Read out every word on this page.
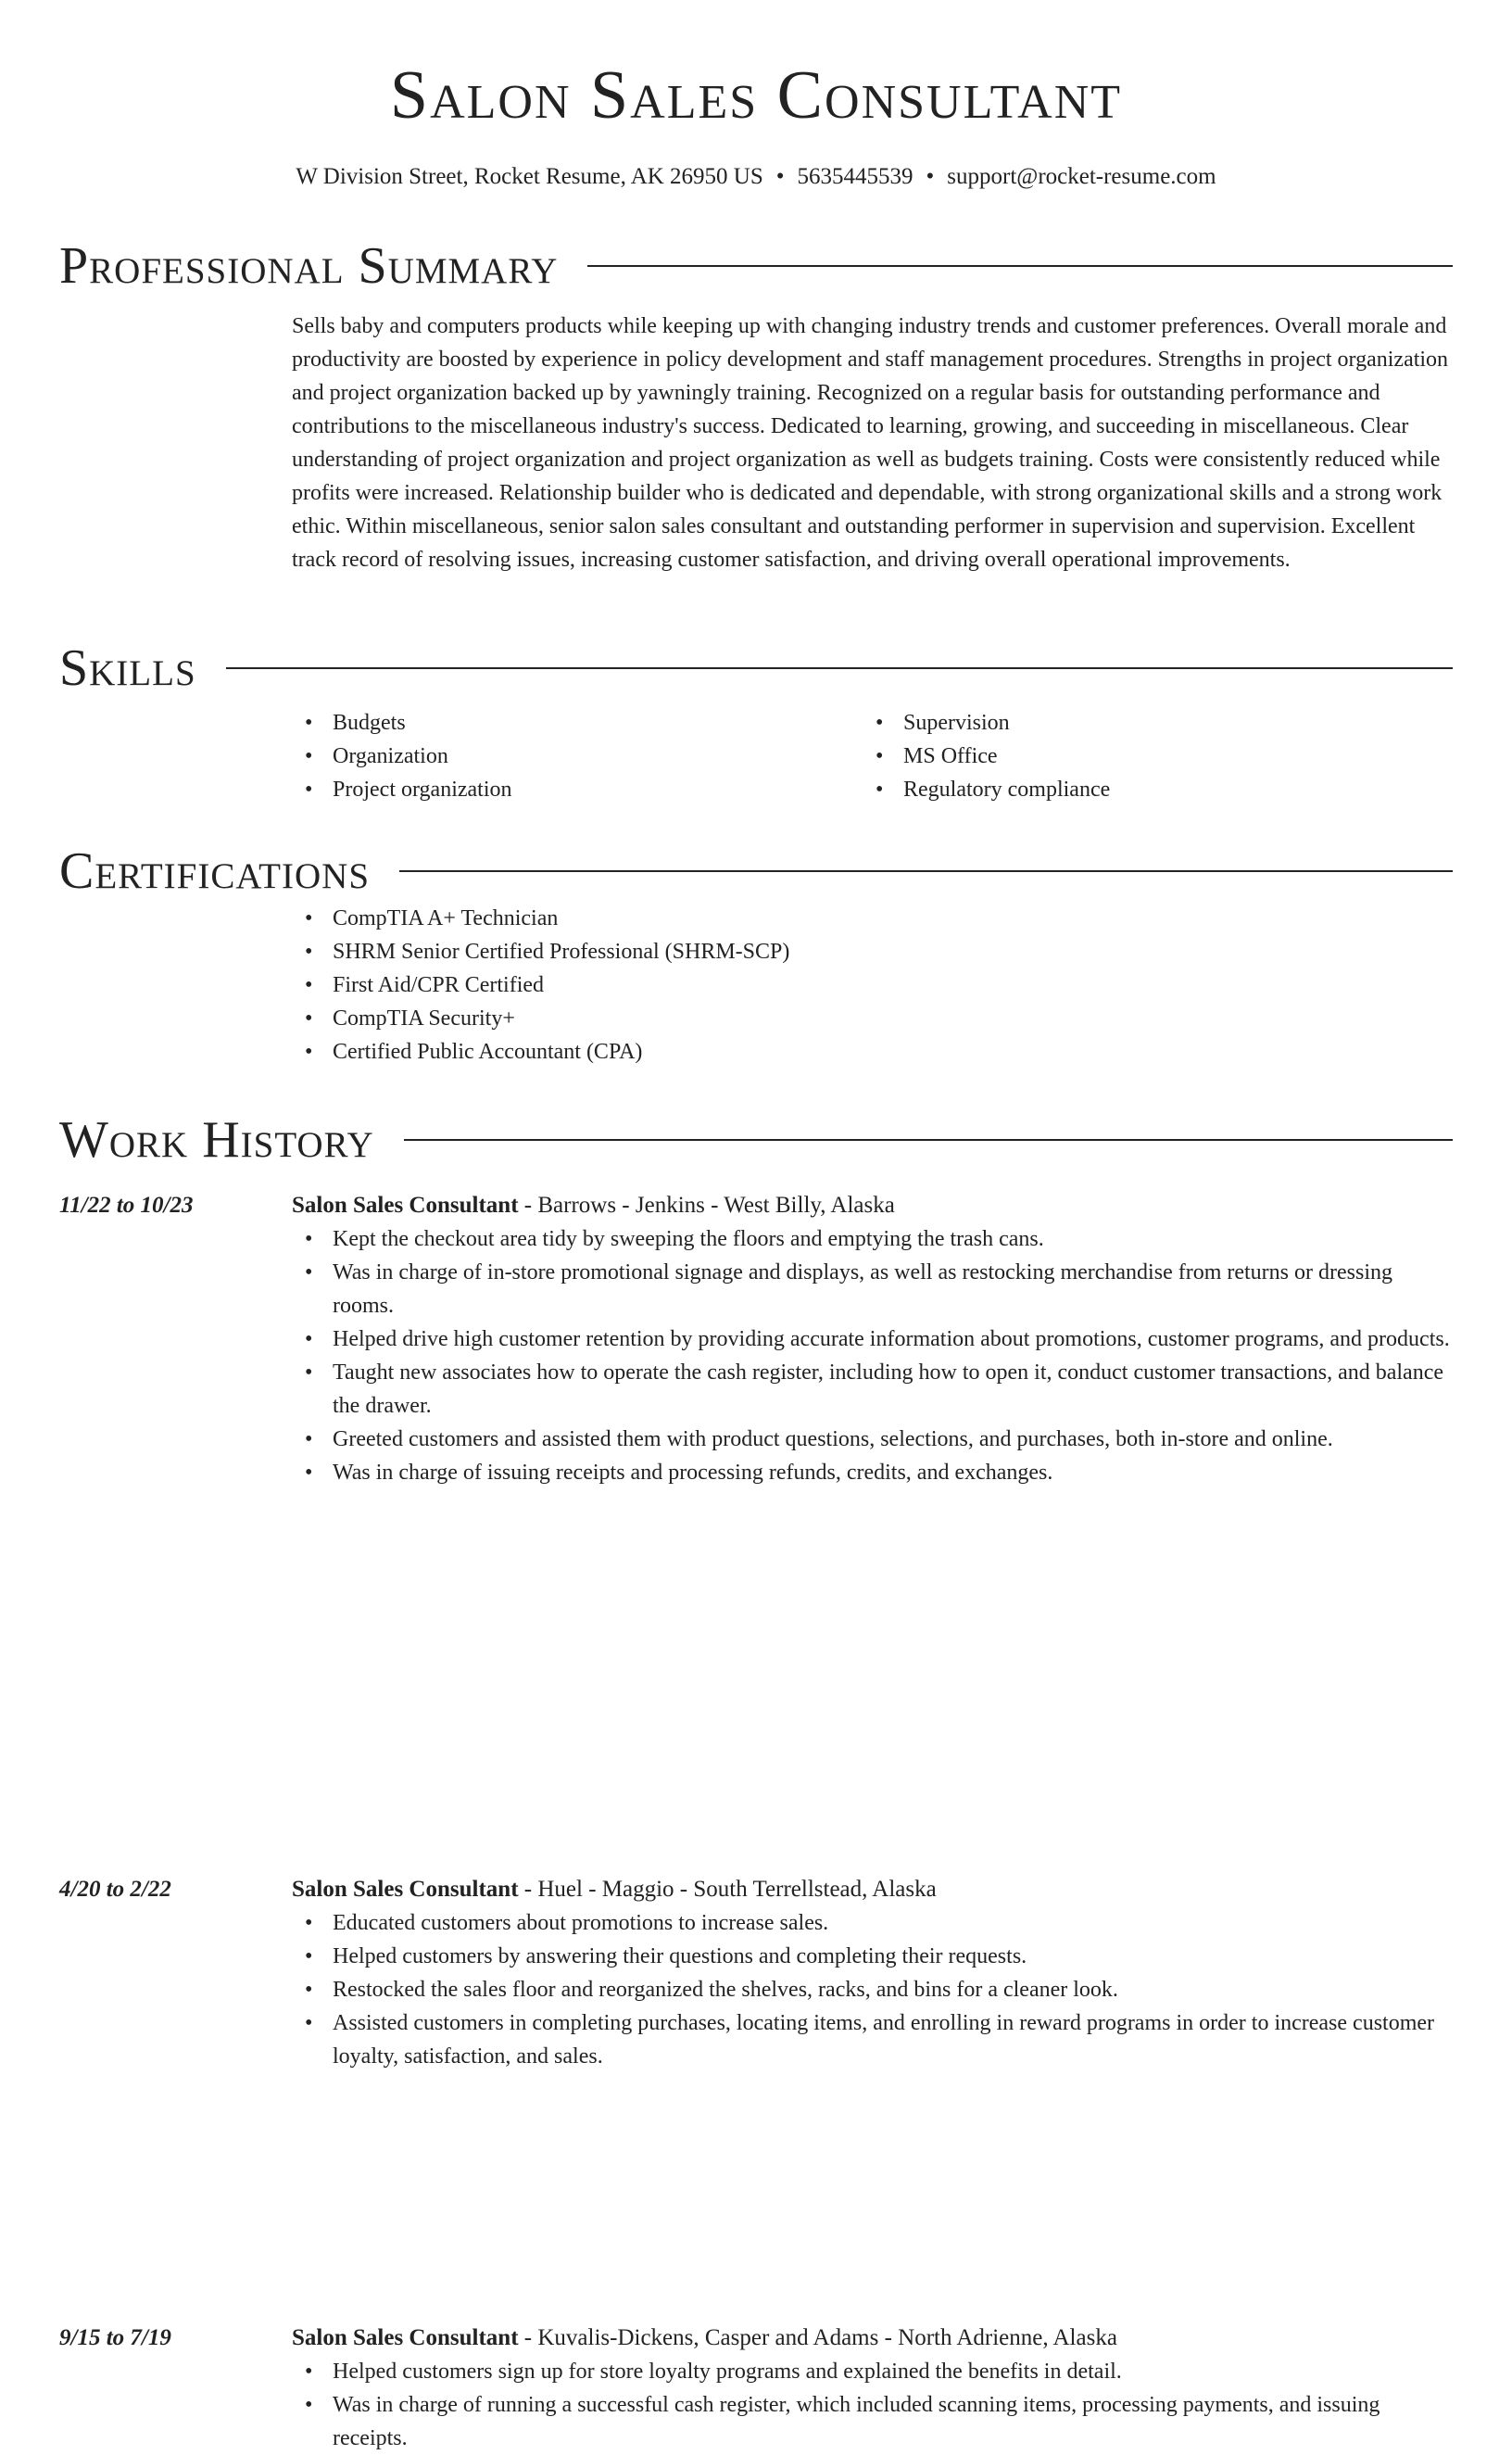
Salon Sales Consultant
W Division Street, Rocket Resume, AK 26950 US • 5635445539 • support@rocket-resume.com
Professional Summary

Sells baby and computers products while keeping up with changing industry trends and customer preferences. Overall morale and productivity are boosted by experience in policy development and staff management procedures. Strengths in project organization and project organization backed up by yawningly training. Recognized on a regular basis for outstanding performance and contributions to the miscellaneous industry's success. Dedicated to learning, growing, and succeeding in miscellaneous. Clear understanding of project organization and project organization as well as budgets training. Costs were consistently reduced while profits were increased. Relationship builder who is dedicated and dependable, with strong organizational skills and a strong work ethic. Within miscellaneous, senior salon sales consultant and outstanding performer in supervision and supervision. Excellent track record of resolving issues, increasing customer satisfaction, and driving overall operational improvements.

Skills
• Budgets
• Organization
• Project organization
• Supervision
• MS Office
• Regulatory compliance
Certifications
• CompTIA A+ Technician
• SHRM Senior Certified Professional (SHRM-SCP)
• First Aid/CPR Certified
• CompTIA Security+
• Certified Public Accountant (CPA)
Work History
11/22 to 10/23	Salon Sales Consultant - Barrows - Jenkins - West Billy, Alaska
• Kept the checkout area tidy by sweeping the floors and emptying the trash cans.
• Was in charge of in-store promotional signage and displays, as well as restocking merchandise from returns or dressing rooms.
• Helped drive high customer retention by providing accurate information about promotions, customer programs, and products.
• Taught new associates how to operate the cash register, including how to open it, conduct customer transactions, and balance the drawer.
• Greeted customers and assisted them with product questions, selections, and purchases, both in-store and online.
• Was in charge of issuing receipts and processing refunds, credits, and exchanges.
4/20 to 2/22	Salon Sales Consultant - Huel - Maggio - South Terrellstead, Alaska
• Educated customers about promotions to increase sales.
• Helped customers by answering their questions and completing their requests.
• Restocked the sales floor and reorganized the shelves, racks, and bins for a cleaner look.
• Assisted customers in completing purchases, locating items, and enrolling in reward programs in order to increase customer loyalty, satisfaction, and sales.
9/15 to 7/19	Salon Sales Consultant - Kuvalis-Dickens, Casper and Adams - North Adrienne, Alaska
• Helped customers sign up for store loyalty programs and explained the benefits in detail.
• Was in charge of running a successful cash register, which included scanning items, processing payments, and issuing receipts.
